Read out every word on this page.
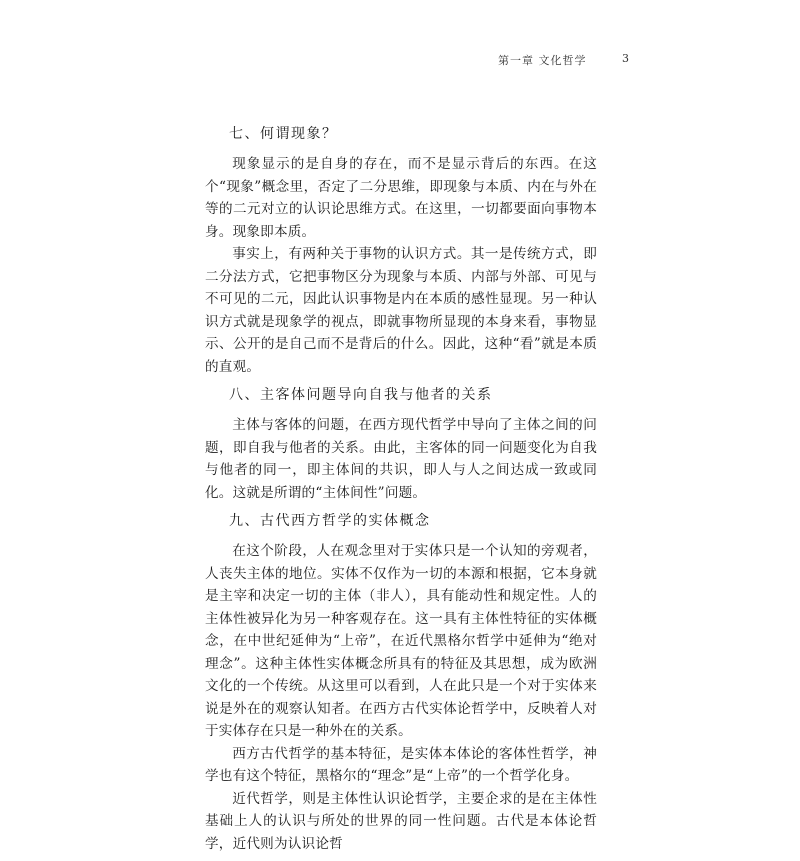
第一章 文化哲学	3
七、何谓现象？

现象显示的是自身的存在，而不是显示背后的东西。在这个“现象”概念里，否定了二分思维，即现象与本质、内在与外在等的二元对立的认识论思维方式。在这里，一切都要面向事物本身。现象即本质。

事实上，有两种关于事物的认识方式。其一是传统方式，即二分法方式，它把事物区分为现象与本质、内部与外部、可见与不可见的二元，因此认识事物是内在本质的感性显现。另一种认识方式就是现象学的视点，即就事物所显现的本身来看，事物显示、公开的是自己而不是背后的什么。因此，这种“看”就是本质的直观。

八、主客体问题导向自我与他者的关系

主体与客体的问题，在西方现代哲学中导向了主体之间的问题，即自我与他者的关系。由此，主客体的同一问题变化为自我与他者的同一，即主体间的共识，即人与人之间达成一致或同化。这就是所谓的“主体间性”问题。

九、古代西方哲学的实体概念

在这个阶段，人在观念里对于实体只是一个认知的旁观者，人丧失主体的地位。实体不仅作为一切的本源和根据，它本身就是主宰和决定一切的主体（非人），具有能动性和规定性。人的主体性被异化为另一种客观存在。这一具有主体性特征的实体概念，在中世纪延伸为“上帝”，在近代黑格尔哲学中延伸为“绝对理念”。这种主体性实体概念所具有的特征及其思想，成为欧洲文化的一个传统。从这里可以看到，人在此只是一个对于实体来说是外在的观察认知者。在西方古代实体论哲学中，反映着人对于实体存在只是一种外在的关系。

西方古代哲学的基本特征，是实体本体论的客体性哲学，神学也有这个特征，黑格尔的“理念”是“上帝”的一个哲学化身。

近代哲学，则是主体性认识论哲学，主要企求的是在主体性基础上人的认识与所处的世界的同一性问题。古代是本体论哲学，近代则为认识论哲
